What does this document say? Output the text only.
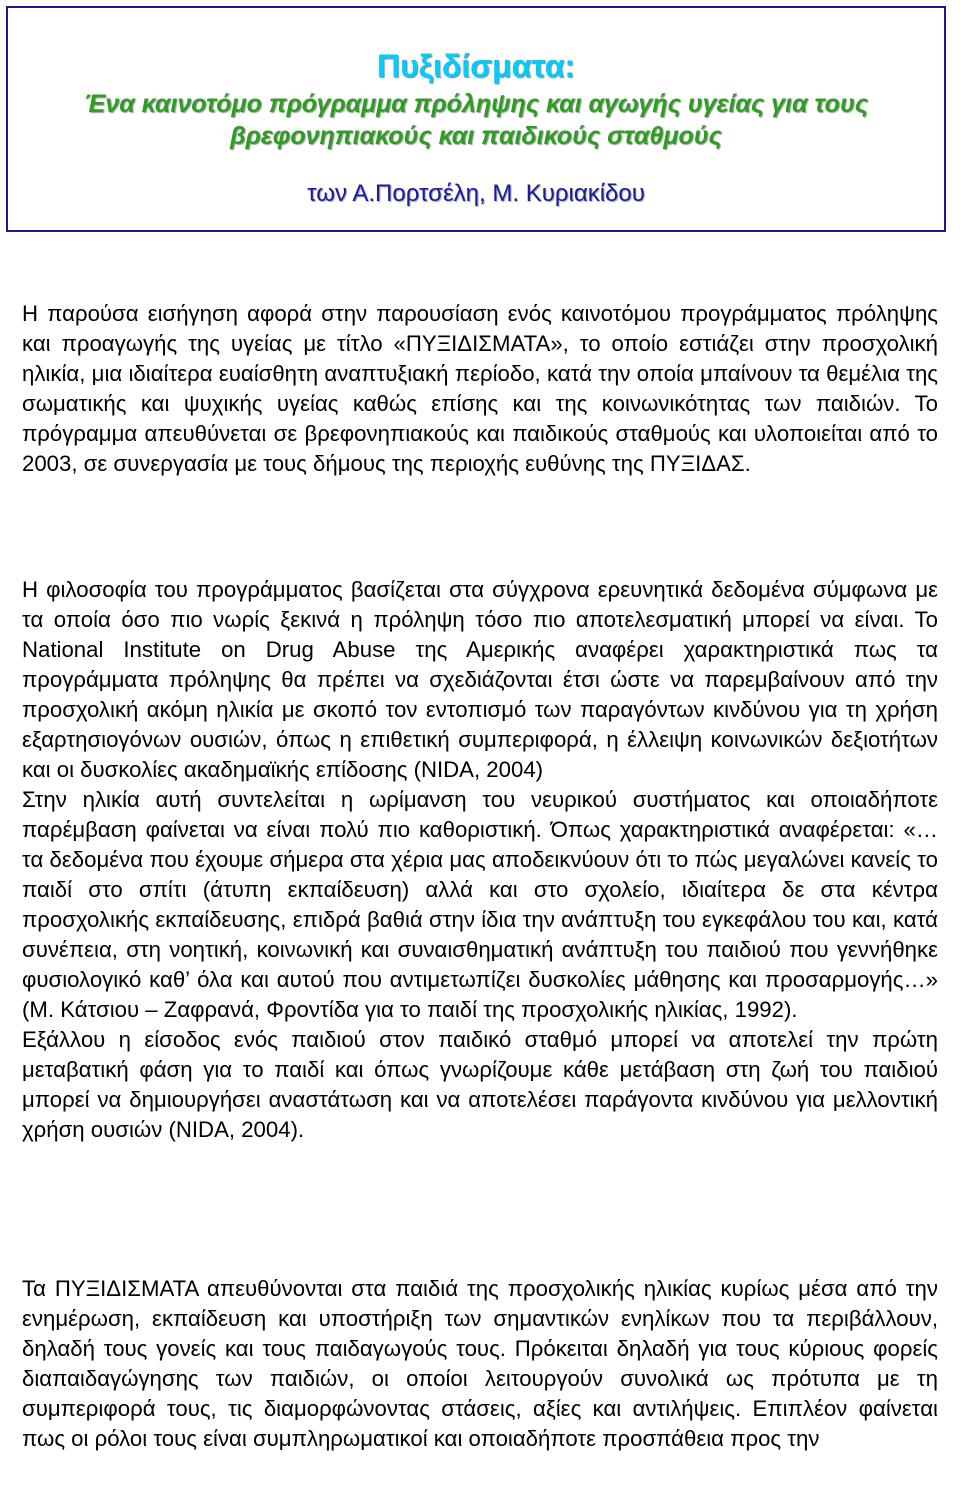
Πυξιδίσματα:
Ένα καινοτόμο πρόγραμμα πρόληψης και αγωγής υγείας για τους βρεφονηπιακούς και παιδικούς σταθμούς
των Α.Πορτσέλη, Μ. Κυριακίδου
Η παρούσα εισήγηση αφορά στην παρουσίαση ενός καινοτόμου προγράμματος πρόληψης και προαγωγής της υγείας με τίτλο «ΠΥΞΙΔΙΣΜΑΤΑ», το οποίο εστιάζει στην προσχολική ηλικία, μια ιδιαίτερα ευαίσθητη αναπτυξιακή περίοδο, κατά την οποία μπαίνουν τα θεμέλια της σωματικής και ψυχικής υγείας καθώς επίσης και της κοινωνικότητας των παιδιών. Το πρόγραμμα απευθύνεται σε βρεφονηπιακούς και παιδικούς σταθμούς και υλοποιείται από το 2003, σε συνεργασία με τους δήμους της περιοχής ευθύνης της ΠΥΞΙΔΑΣ.
Η φιλοσοφία του προγράμματος βασίζεται στα σύγχρονα ερευνητικά δεδομένα σύμφωνα με τα οποία όσο πιο νωρίς ξεκινά η πρόληψη τόσο πιο αποτελεσματική μπορεί να είναι. Το National Institute on Drug Abuse της Αμερικής αναφέρει χαρακτηριστικά πως τα προγράμματα πρόληψης θα πρέπει να σχεδιάζονται έτσι ώστε να παρεμβαίνουν από την προσχολική ακόμη ηλικία με σκοπό τον εντοπισμό των παραγόντων κινδύνου για τη χρήση εξαρτησιογόνων ουσιών, όπως η επιθετική συμπεριφορά, η έλλειψη κοινωνικών δεξιοτήτων και οι δυσκολίες ακαδημαϊκής επίδοσης (NIDA, 2004)
Στην ηλικία αυτή συντελείται η ωρίμανση του νευρικού συστήματος και οποιαδήποτε παρέμβαση φαίνεται να είναι πολύ πιο καθοριστική. Όπως χαρακτηριστικά αναφέρεται: «… τα δεδομένα που έχουμε σήμερα στα χέρια μας αποδεικνύουν ότι το πώς μεγαλώνει κανείς το παιδί στο σπίτι (άτυπη εκπαίδευση) αλλά και στο σχολείο, ιδιαίτερα δε στα κέντρα προσχολικής εκπαίδευσης, επιδρά βαθιά στην ίδια την ανάπτυξη του εγκεφάλου του και, κατά συνέπεια, στη νοητική, κοινωνική και συναισθηματική ανάπτυξη του παιδιού που γεννήθηκε φυσιολογικό καθ’ όλα και αυτού που αντιμετωπίζει δυσκολίες μάθησης και προσαρμογής…» (Μ. Κάτσιου – Ζαφρανά, Φροντίδα για το παιδί της προσχολικής ηλικίας, 1992).
Εξάλλου η είσοδος ενός παιδιού στον παιδικό σταθμό μπορεί να αποτελεί την πρώτη μεταβατική φάση για το παιδί και όπως γνωρίζουμε κάθε μετάβαση στη ζωή του παιδιού μπορεί να δημιουργήσει αναστάτωση και να αποτελέσει παράγοντα κινδύνου για μελλοντική χρήση ουσιών (NIDA, 2004).
Τα ΠΥΞΙΔΙΣΜΑΤΑ απευθύνονται στα παιδιά της προσχολικής ηλικίας κυρίως μέσα από την ενημέρωση, εκπαίδευση και υποστήριξη των σημαντικών ενηλίκων που τα περιβάλλουν, δηλαδή τους γονείς και τους παιδαγωγούς τους. Πρόκειται δηλαδή για τους κύριους φορείς διαπαιδαγώγησης των παιδιών, οι οποίοι λειτουργούν συνολικά ως πρότυπα με τη συμπεριφορά τους, τις διαμορφώνοντας στάσεις, αξίες και αντιλήψεις. Επιπλέον φαίνεται πως οι ρόλοι τους είναι συμπληρωματικοί και οποιαδήποτε προσπάθεια προς την
